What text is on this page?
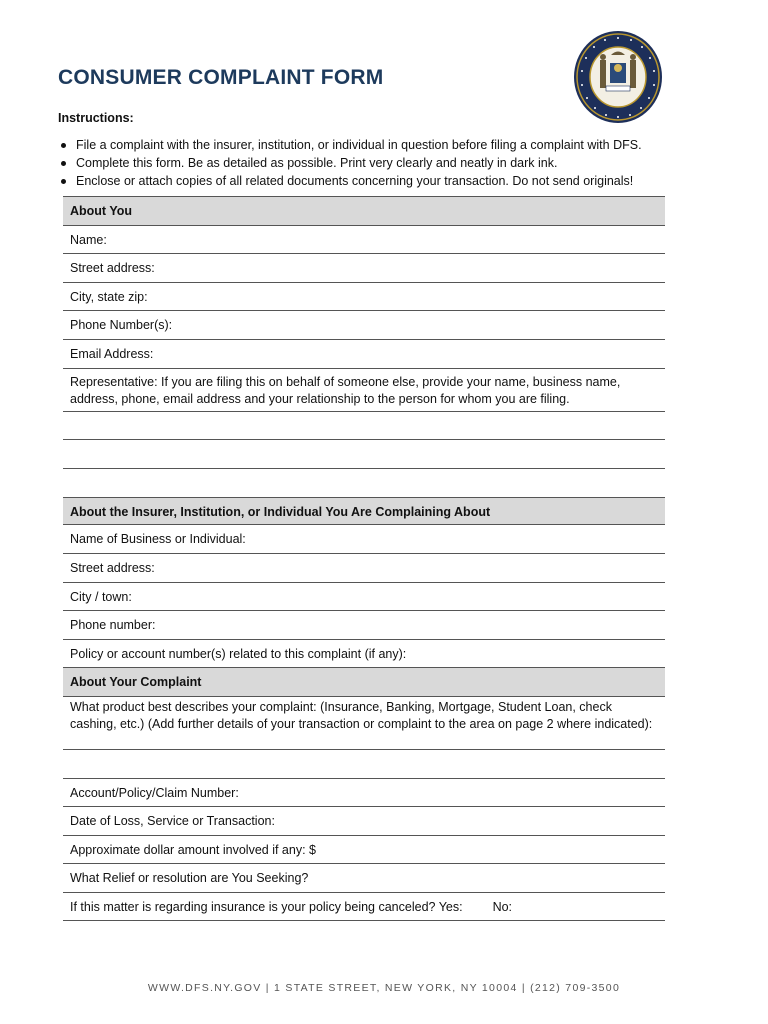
CONSUMER COMPLAINT FORM
Instructions:
File a complaint with the insurer, institution, or individual in question before filing a complaint with DFS.
Complete this form. Be as detailed as possible. Print very clearly and neatly in dark ink.
Enclose or attach copies of all related documents concerning your transaction. Do not send originals!
About You
Name:
Street address:
City, state zip:
Phone Number(s):
Email Address:
Representative: If you are filing this on behalf of someone else, provide your name, business name, address, phone, email address and your relationship to the person for whom you are filing.
About the Insurer, Institution, or Individual You Are Complaining About
Name of Business or Individual:
Street address:
City / town:
Phone number:
Policy or account number(s) related to this complaint (if any):
About Your Complaint
What product best describes your complaint: (Insurance, Banking, Mortgage, Student Loan, check cashing, etc.) (Add further details of your transaction or complaint to the area on page 2 where indicated):
Account/Policy/Claim Number:
Date of Loss, Service or Transaction:
Approximate dollar amount involved if any: $
What Relief or resolution are You Seeking?
If this matter is regarding insurance is your policy being canceled? Yes: No:
WWW.DFS.NY.GOV | 1 STATE STREET, NEW YORK, NY 10004 | (212) 709-3500
